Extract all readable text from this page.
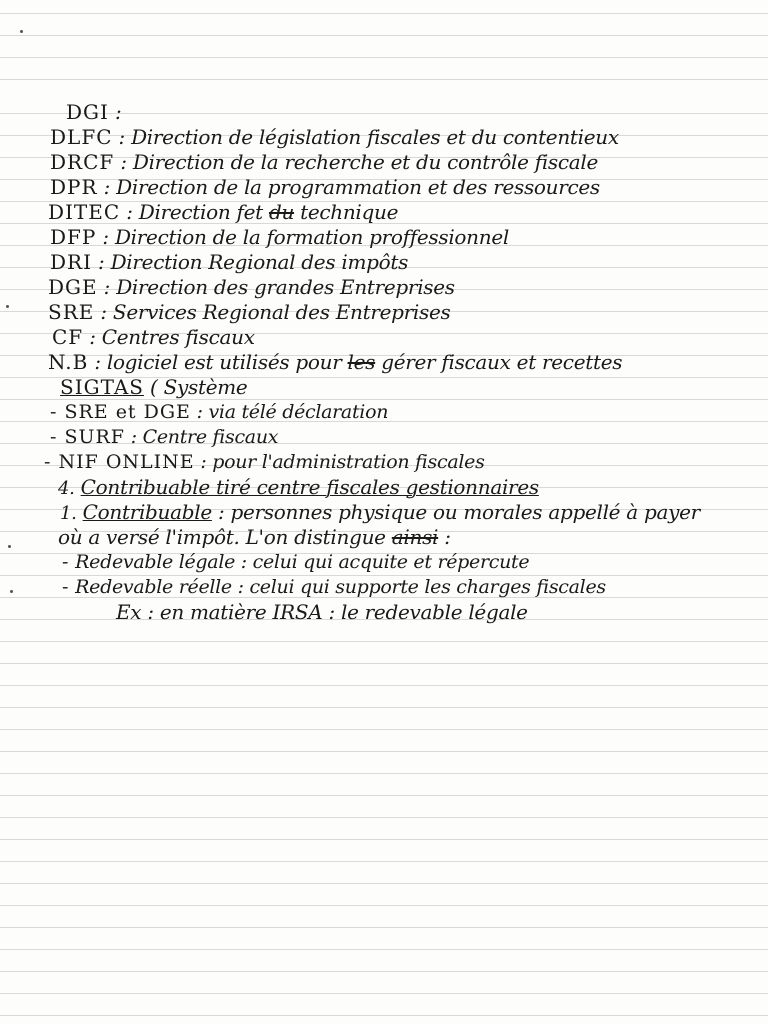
DGI :
DLFC : Direction de législation fiscales et du contentieux
DRCF : Direction de la recherche et du contrôle fiscale
DPR : Direction de la programmation et des ressources
DITEC : Direction fet du technique
DFP : Direction de la formation proffessionnel
DRI : Direction Regional des impôts
DGE : Direction des grandes Entreprises
SRE : Services Regional des Entreprises
CF : Centres fiscaux
N.B : logiciel est utilisés pour les gérer fiscaux et recettes
SIGTAS ( Système
- SRE et DGE : via télé déclaration
- SURF : Centre fiscaux
- NIF ONLINE : pour l'administration fiscales
4. Contribuable tiré centre fiscales gestionnaires
1. Contribuable : personnes physique ou morales appellé à payer
où a versé l'impôt. L'on distingue ainsi :
- Redevable légale : celui qui acquite et répercute
- Redevable réelle : celui qui supporte les charges fiscales
Ex : en matière IRSA : le redevable légale
